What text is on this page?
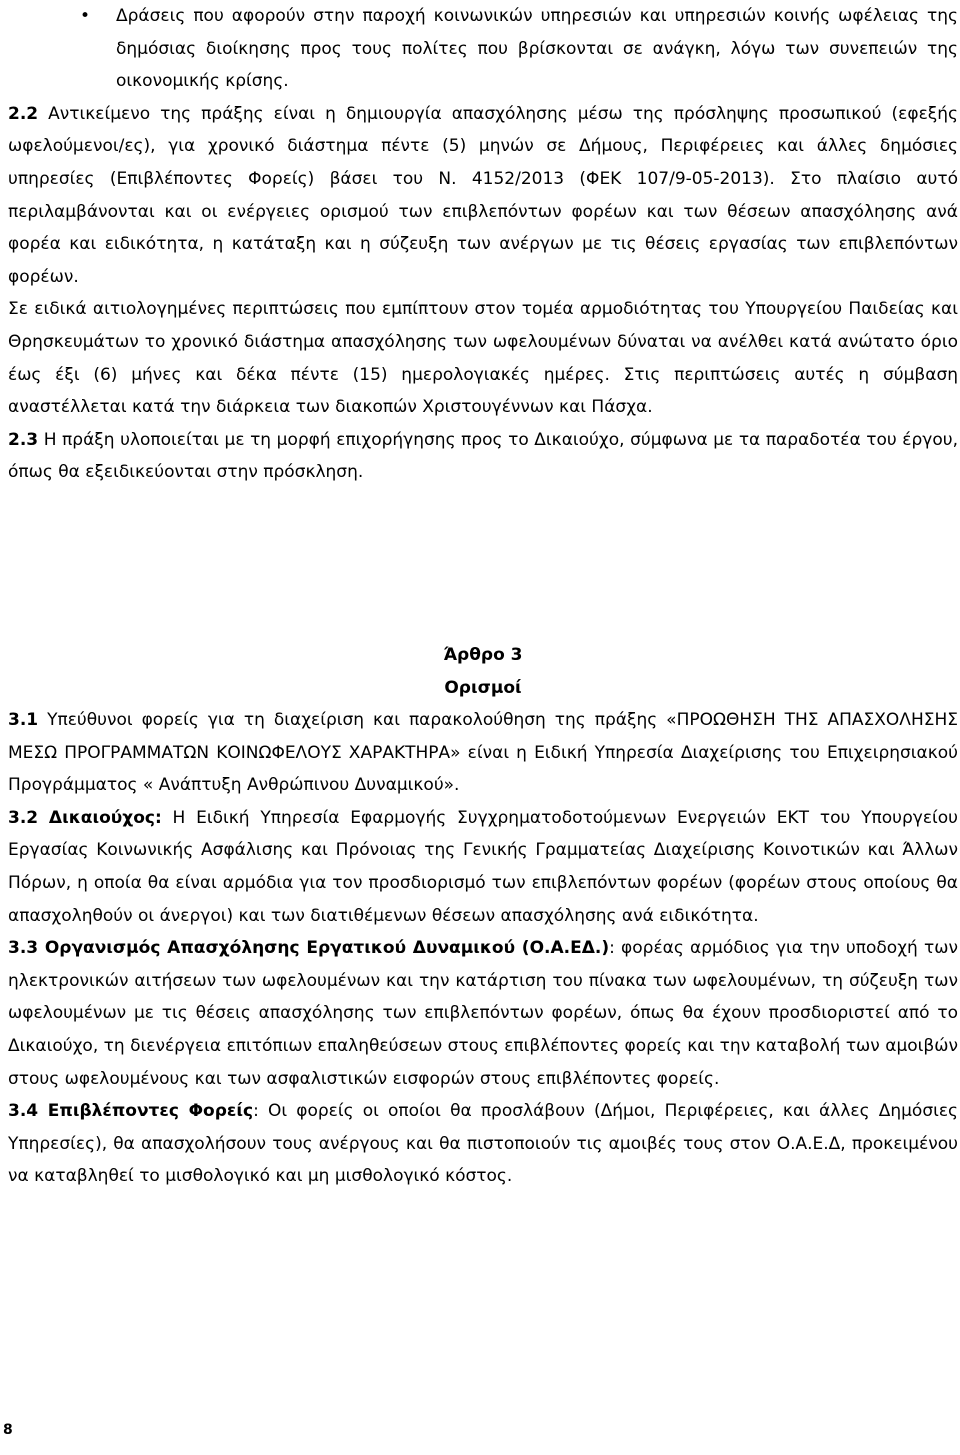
• Δράσεις που αφορούν στην παροχή κοινωνικών υπηρεσιών και υπηρεσιών κοινής ωφέλειας της δημόσιας διοίκησης προς τους πολίτες που βρίσκονται σε ανάγκη, λόγω των συνεπειών της οικονομικής κρίσης.

2.2 Αντικείμενο της πράξης είναι η δημιουργία απασχόλησης μέσω της πρόσληψης προσωπικού (εφεξής ωφελούμενοι/ες), για χρονικό διάστημα πέντε (5) μηνών σε Δήμους, Περιφέρειες και άλλες δημόσιες υπηρεσίες (Επιβλέποντες Φορείς) βάσει του Ν. 4152/2013 (ΦΕΚ 107/9-05-2013). Στο πλαίσιο αυτό περιλαμβάνονται και οι ενέργειες ορισμού των επιβλεπόντων φορέων και των θέσεων απασχόλησης ανά φορέα και ειδικότητα, η κατάταξη και η σύζευξη των ανέργων με τις θέσεις εργασίας των επιβλεπόντων φορέων.

Σε ειδικά αιτιολογημένες περιπτώσεις που εμπίπτουν στον τομέα αρμοδιότητας του Υπουργείου Παιδείας και Θρησκευμάτων το χρονικό διάστημα απασχόλησης των ωφελουμένων δύναται να ανέλθει κατά ανώτατο όριο έως έξι (6) μήνες και δέκα πέντε (15) ημερολογιακές ημέρες. Στις περιπτώσεις αυτές η σύμβαση αναστέλλεται κατά την διάρκεια των διακοπών Χριστουγέννων και Πάσχα.

2.3 Η πράξη υλοποιείται με τη μορφή επιχορήγησης προς το Δικαιούχο, σύμφωνα με τα παραδοτέα του έργου, όπως θα εξειδικεύονται στην πρόσκληση.

Άρθρο 3

Ορισμοί

3.1 Υπεύθυνοι φορείς για τη διαχείριση και παρακολούθηση της πράξης «ΠΡΟΩΘΗΣΗ ΤΗΣ ΑΠΑΣΧΟΛΗΣΗΣ ΜΕΣΩ ΠΡΟΓΡΑΜΜΑΤΩΝ ΚΟΙΝΩΦΕΛΟΥΣ ΧΑΡΑΚΤΗΡΑ» είναι η Ειδική Υπηρεσία Διαχείρισης του Επιχειρησιακού Προγράμματος « Ανάπτυξη Ανθρώπινου Δυναμικού».

3.2 Δικαιούχος: Η Ειδική Υπηρεσία Εφαρμογής Συγχρηματοδοτούμενων Ενεργειών ΕΚΤ του Υπουργείου Εργασίας Κοινωνικής Ασφάλισης και Πρόνοιας της Γενικής Γραμματείας Διαχείρισης Κοινοτικών και Άλλων Πόρων, η οποία θα είναι αρμόδια για τον προσδιορισμό των επιβλεπόντων φορέων (φορέων στους οποίους θα απασχοληθούν οι άνεργοι) και των διατιθέμενων θέσεων απασχόλησης ανά ειδικότητα.

3.3 Οργανισμός Απασχόλησης Εργατικού Δυναμικού (Ο.Α.ΕΔ.): φορέας αρμόδιος για την υποδοχή των ηλεκτρονικών αιτήσεων των ωφελουμένων και την κατάρτιση του πίνακα των ωφελουμένων, τη σύζευξη των ωφελουμένων με τις θέσεις απασχόλησης των επιβλεπόντων φορέων, όπως θα έχουν προσδιοριστεί από το Δικαιούχο, τη διενέργεια επιτόπιων επαληθεύσεων στους επιβλέποντες φορείς και την καταβολή των αμοιβών στους ωφελουμένους και των ασφαλιστικών εισφορών στους επιβλέποντες φορείς.

3.4 Επιβλέποντες Φορείς: Οι φορείς οι οποίοι θα προσλάβουν (Δήμοι, Περιφέρειες, και άλλες Δημόσιες Υπηρεσίες), θα απασχολήσουν τους ανέργους και θα πιστοποιούν τις αμοιβές τους στον Ο.Α.Ε.Δ, προκειμένου να καταβληθεί το μισθολογικό και μη μισθολογικό κόστος.

8
